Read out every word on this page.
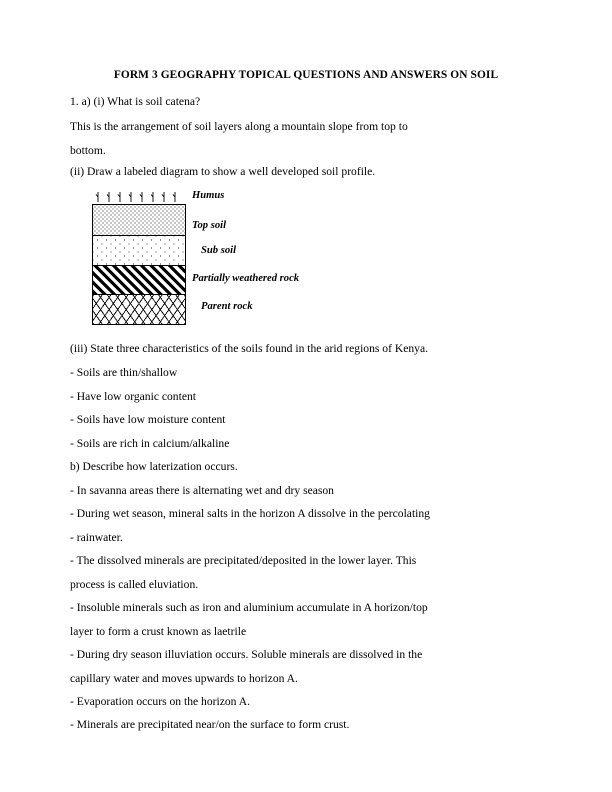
FORM 3 GEOGRAPHY TOPICAL QUESTIONS AND ANSWERS ON SOIL
1. a) (i) What is soil catena?
This is the arrangement of soil layers along a mountain slope from top to
bottom.
(ii) Draw a labeled diagram to show a well developed soil profile.
(iii) State three characteristics of the soils found in the arid regions of Kenya.
- Soils are thin/shallow
- Have low organic content
- Soils have low moisture content
- Soils are rich in calcium/alkaline
b) Describe how laterization occurs.
- In savanna areas there is alternating wet and dry season
- During wet season, mineral salts in the horizon A dissolve in the percolating
- rainwater.
- The dissolved minerals are precipitated/deposited in the lower layer. This
process is called eluviation.
- Insoluble minerals such as iron and aluminium accumulate in A horizon/top
layer to form a crust known as laetrile
- During dry season illuviation occurs. Soluble minerals are dissolved in the
capillary water and moves upwards to horizon A.
- Evaporation occurs on the horizon A.
- Minerals are precipitated near/on the surface to form crust.
Humus
Top soil
Sub soil
Partially weathered rock
Parent rock
